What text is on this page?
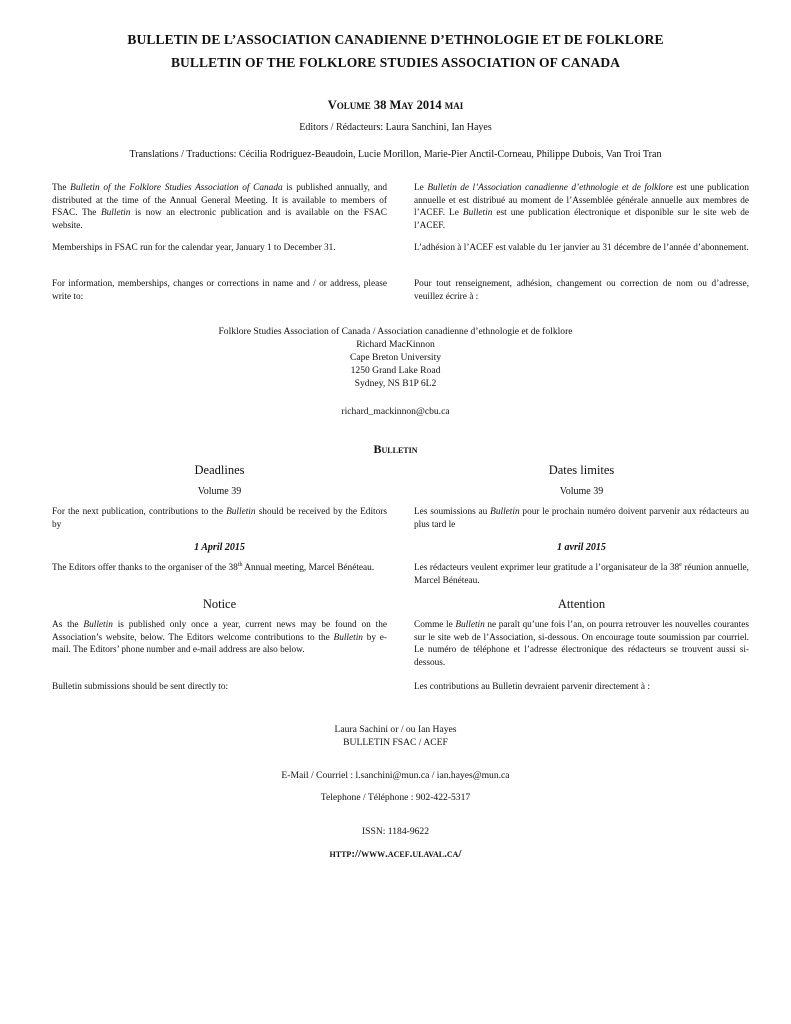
BULLETIN DE L’ASSOCIATION CANADIENNE D’ETHNOLOGIE ET DE FOLKLORE
BULLETIN OF THE FOLKLORE STUDIES ASSOCIATION OF CANADA
Volume 38 May 2014 mai
Editors / Rédacteurs: Laura Sanchini, Ian Hayes
Translations / Traductions: Cécilia Rodriguez-Beaudoin, Lucie Morillon, Marie-Pier Anctil-Corneau, Philippe Dubois, Van Troi Tran
The Bulletin of the Folklore Studies Association of Canada is published annually, and distributed at the time of the Annual General Meeting. It is available to members of FSAC. The Bulletin is now an electronic publication and is available on the FSAC website.
Memberships in FSAC run for the calendar year, January 1 to December 31.
For information, memberships, changes or corrections in name and / or address, please write to:
Le Bulletin de l’Association canadienne d’ethnologie et de folklore est une publication annuelle et est distribué au moment de l’Assemblée générale annuelle aux membres de l’ACEF. Le Bulletin est une publication électronique et disponible sur le site web de l’ACEF.
L’adhésion à l’ACEF est valable du 1er janvier au 31 décembre de l’année d’abonnement.
Pour tout renseignement, adhésion, changement ou correction de nom ou d’adresse, veuillez écrire à :
Folklore Studies Association of Canada / Association canadienne d’ethnologie et de folklore
Richard MacKinnon
Cape Breton University
1250 Grand Lake Road
Sydney, NS B1P 6L2
richard_mackinnon@cbu.ca
Bulletin
Deadlines
Volume 39
For the next publication, contributions to the Bulletin should be received by the Editors by
1 April 2015
The Editors offer thanks to the organiser of the 38th Annual meeting, Marcel Bénéteau.
Dates limites
Volume 39
Les soumissions au Bulletin pour le prochain numéro doivent parvenir aux rédacteurs au plus tard le
1 avril 2015
Les rédacteurs veulent exprimer leur gratitude a l’organisateur de la 38e réunion annuelle, Marcel Bénéteau.
Notice
As the Bulletin is published only once a year, current news may be found on the Association’s website, below. The Editors welcome contributions to the Bulletin by e-mail. The Editors’ phone number and e-mail address are also below.
Bulletin submissions should be sent directly to:
Attention
Comme le Bulletin ne paraît qu’une fois l’an, on pourra retrouver les nouvelles courantes sur le site web de l’Association, si-dessous. On encourage toute soumission par courriel. Le numéro de téléphone et l’adresse électronique des rédacteurs se trouvent aussi si-dessous.
Les contributions au Bulletin devraient parvenir directement à :
Laura Sachini or / ou Ian Hayes
BULLETIN FSAC / ACEF
E-Mail / Courriel : l.sanchini@mun.ca / ian.hayes@mun.ca
Telephone / Téléphone : 902-422-5317
ISSN: 1184-9622
http://www.acef.ulaval.ca/
